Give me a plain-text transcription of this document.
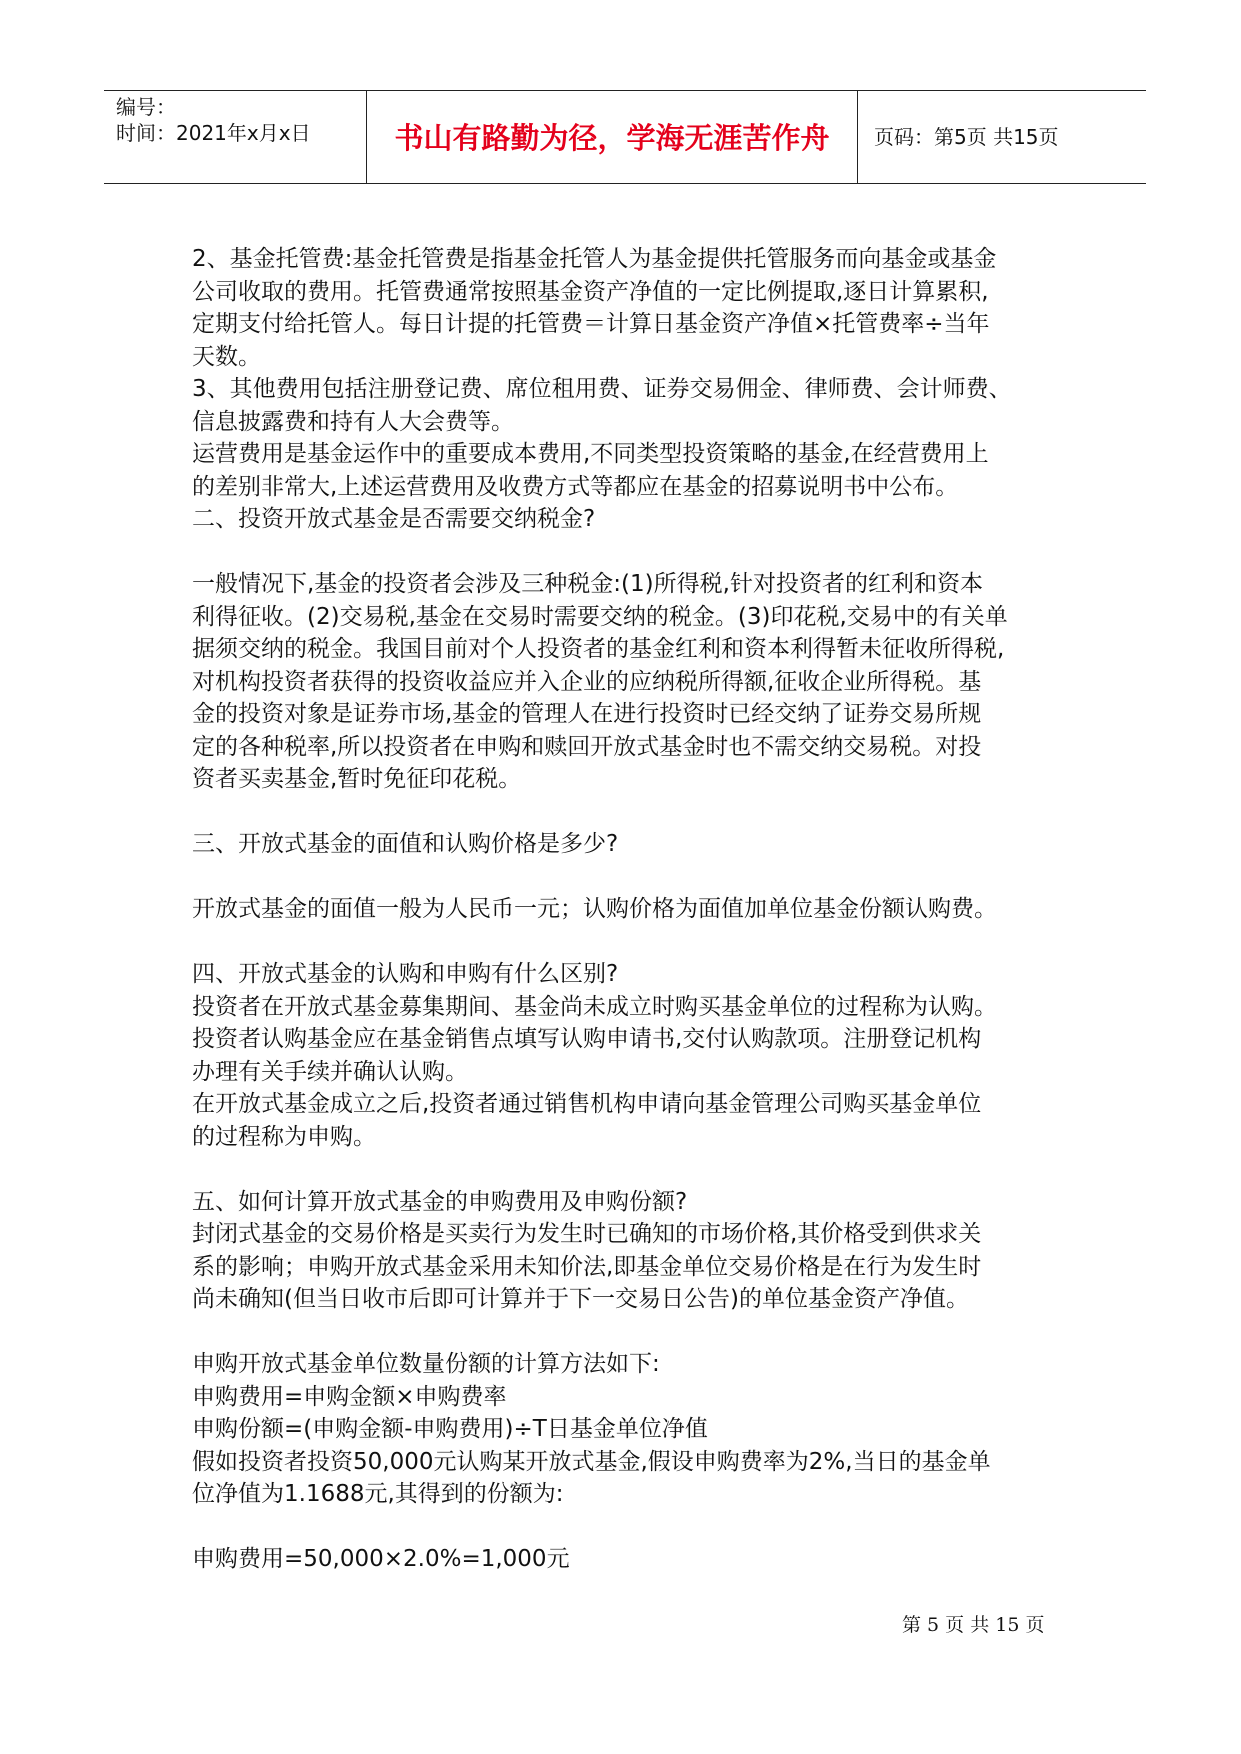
编号：
时间：2021年x月x日	书山有路勤为径，学海无涯苦作舟	页码：第5页 共15页
2、基金托管费:基金托管费是指基金托管人为基金提供托管服务而向基金或基金
公司收取的费用。托管费通常按照基金资产净值的一定比例提取,逐日计算累积,
定期支付给托管人。每日计提的托管费＝计算日基金资产净值×托管费率÷当年
天数。
3、其他费用包括注册登记费、席位租用费、证券交易佣金、律师费、会计师费、
信息披露费和持有人大会费等。
运营费用是基金运作中的重要成本费用,不同类型投资策略的基金,在经营费用上
的差别非常大,上述运营费用及收费方式等都应在基金的招募说明书中公布。
二、投资开放式基金是否需要交纳税金?
一般情况下,基金的投资者会涉及三种税金:(1)所得税,针对投资者的红利和资本
利得征收。(2)交易税,基金在交易时需要交纳的税金。(3)印花税,交易中的有关单
据须交纳的税金。我国目前对个人投资者的基金红利和资本利得暂未征收所得税,
对机构投资者获得的投资收益应并入企业的应纳税所得额,征收企业所得税。基
金的投资对象是证券市场,基金的管理人在进行投资时已经交纳了证券交易所规
定的各种税率,所以投资者在申购和赎回开放式基金时也不需交纳交易税。对投
资者买卖基金,暂时免征印花税。
三、开放式基金的面值和认购价格是多少?
开放式基金的面值一般为人民币一元；认购价格为面值加单位基金份额认购费。
四、开放式基金的认购和申购有什么区别?
投资者在开放式基金募集期间、基金尚未成立时购买基金单位的过程称为认购。
投资者认购基金应在基金销售点填写认购申请书,交付认购款项。注册登记机构
办理有关手续并确认认购。
在开放式基金成立之后,投资者通过销售机构申请向基金管理公司购买基金单位
的过程称为申购。
五、如何计算开放式基金的申购费用及申购份额?
封闭式基金的交易价格是买卖行为发生时已确知的市场价格,其价格受到供求关
系的影响；申购开放式基金采用未知价法,即基金单位交易价格是在行为发生时
尚未确知(但当日收市后即可计算并于下一交易日公告)的单位基金资产净值。
申购开放式基金单位数量份额的计算方法如下:
申购费用=申购金额×申购费率
申购份额=(申购金额-申购费用)÷T日基金单位净值
假如投资者投资50,000元认购某开放式基金,假设申购费率为2%,当日的基金单
位净值为1.1688元,其得到的份额为:
申购费用=50,000×2.0%=1,000元
第 5 页 共 15 页
